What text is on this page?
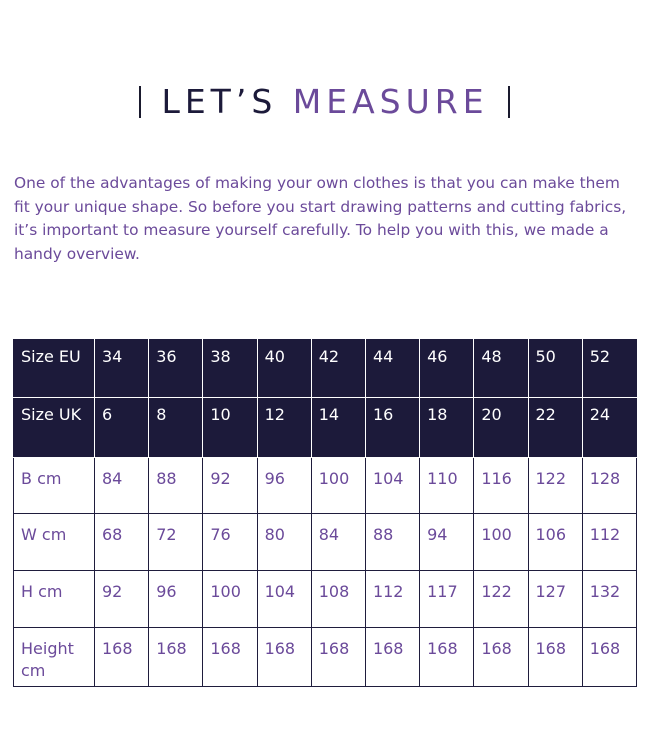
LET’S MEASURE

One of the advantages of making your own clothes is that you can make them fit your unique shape. So before you start drawing patterns and cutting fabrics, it’s important to measure yourself carefully. To help you with this, we made a handy overview.

Size EU	34	36	38	40	42	44	46	48	50	52
Size UK	6	8	10	12	14	16	18	20	22	24
B cm	84	88	92	96	100	104	110	116	122	128
W cm	68	72	76	80	84	88	94	100	106	112
H cm	92	96	100	104	108	112	117	122	127	132
Height cm	168	168	168	168	168	168	168	168	168	168
